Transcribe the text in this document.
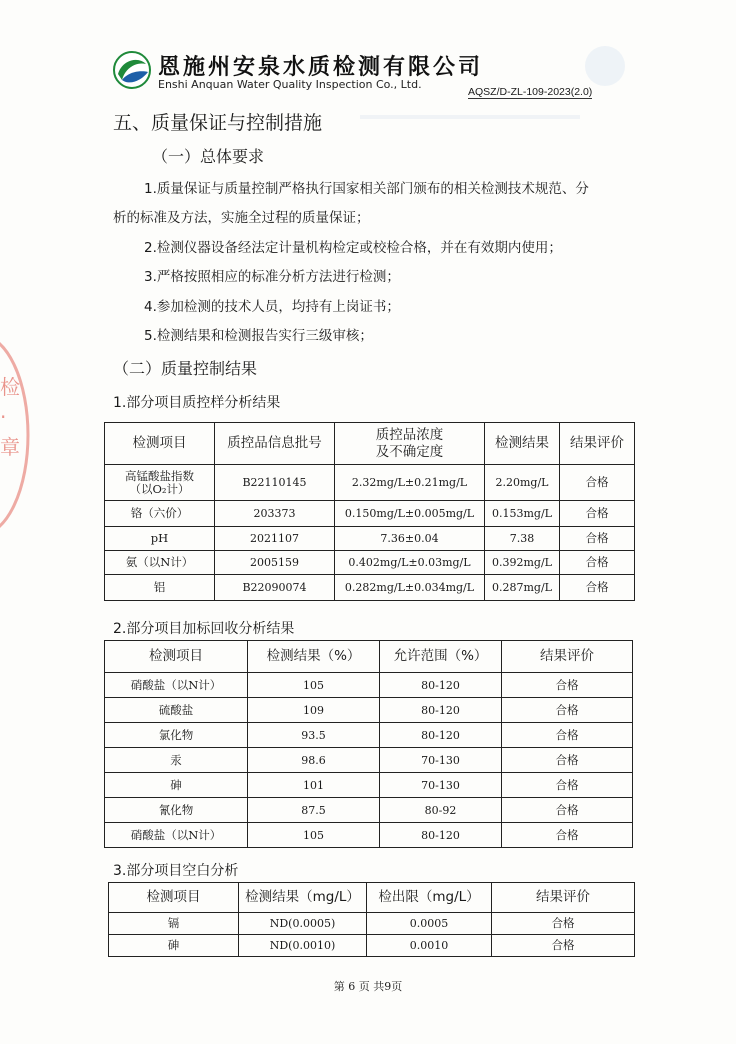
恩施州安泉水质检测有限公司
Enshi Anquan Water Quality Inspection Co., Ltd.
AQSZ/D-ZL-109-2023(2.0)
检
·
章
五、质量保证与控制措施
（一）总体要求
1.质量保证与质量控制严格执行国家相关部门颁布的相关检测技术规范、分
析的标准及方法，实施全过程的质量保证；
2.检测仪器设备经法定计量机构检定或校检合格，并在有效期内使用；
3.严格按照相应的标准分析方法进行检测；
4.参加检测的技术人员，均持有上岗证书；
5.检测结果和检测报告实行三级审核；
（二）质量控制结果
1.部分项目质控样分析结果
检测项目	质控品信息批号	质控品浓度
及不确定度	检测结果	结果评价
高锰酸盐指数
（以O₂计）	B22110145	2.32mg/L±0.21mg/L	2.20mg/L	合格
铬（六价）	203373	0.150mg/L±0.005mg/L	0.153mg/L	合格
pH	2021107	7.36±0.04	7.38	合格
氨（以N计）	2005159	0.402mg/L±0.03mg/L	0.392mg/L	合格
铝	B22090074	0.282mg/L±0.034mg/L	0.287mg/L	合格
2.部分项目加标回收分析结果
检测项目	检测结果（%）	允许范围（%）	结果评价
硝酸盐（以N计）	105	80-120	合格
硫酸盐	109	80-120	合格
氯化物	93.5	80-120	合格
汞	98.6	70-130	合格
砷	101	70-130	合格
氰化物	87.5	80-92	合格
硝酸盐（以N计）	105	80-120	合格
3.部分项目空白分析
检测项目	检测结果（mg/L）	检出限（mg/L）	结果评价
镉	ND(0.0005)	0.0005	合格
砷	ND(0.0010)	0.0010	合格
第 6 页 共9页
